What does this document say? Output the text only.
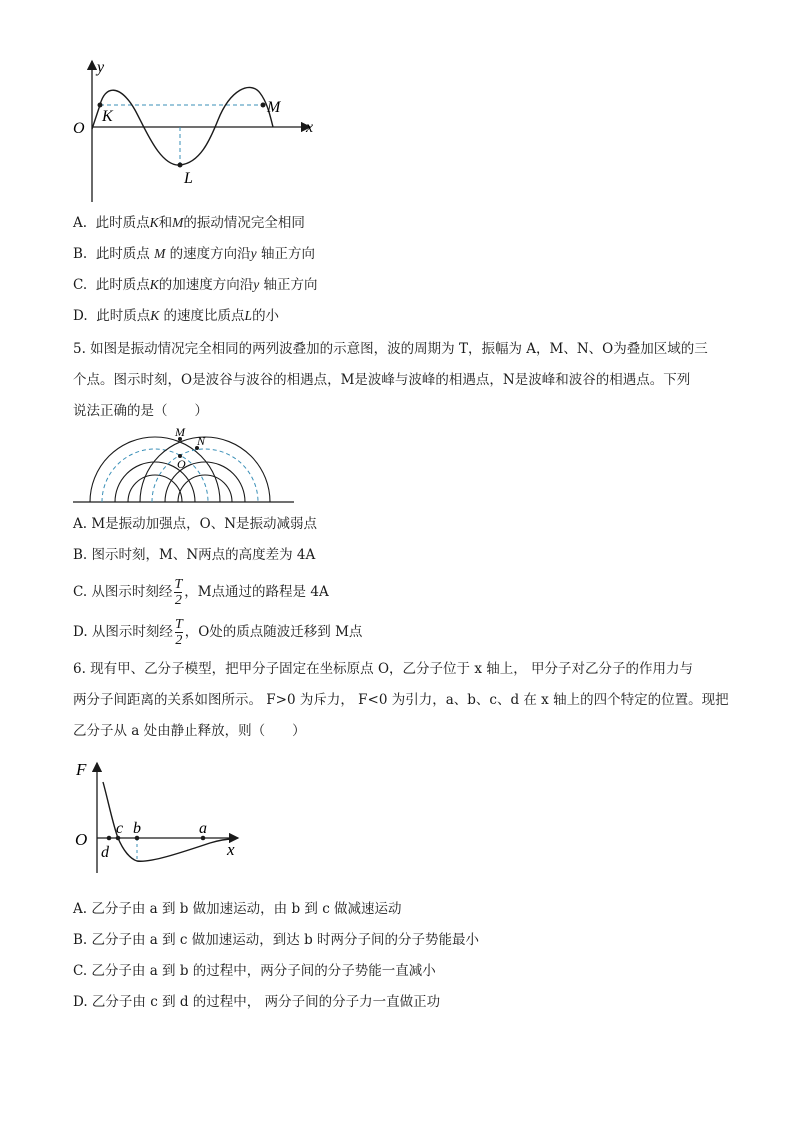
y
x
O
K
M
L
A. 此时质点K和M的振动情况完全相同
B. 此时质点 M 的速度方向沿y 轴正方向
C. 此时质点K的加速度方向沿y 轴正方向
D. 此时质点K 的速度比质点L的小
5. 如图是振动情况完全相同的两列波叠加的示意图，波的周期为 T，振幅为 A，M、N、O为叠加区域的三
个点。图示时刻，O是波谷与波谷的相遇点，M是波峰与波峰的相遇点，N是波峰和波谷的相遇点。下列
说法正确的是（　　）
M
N
O
A. M是振动加强点，O、N是振动减弱点
B. 图示时刻，M、N两点的高度差为 4A
C. 从图示时刻经 $\frac{T}{2}$ ，M点通过的路程是 4A
D. 从图示时刻经 $\frac{T}{2}$ ，O处的质点随波迁移到 M点
6. 现有甲、乙分子模型，把甲分子固定在坐标原点 O，乙分子位于 x 轴上， 甲分子对乙分子的作用力与
两分子间距离的关系如图所示。 F>0 为斥力， F<0 为引力，a、b、c、d 在 x 轴上的四个特定的位置。现把
乙分子从 a 处由静止释放，则（　　）
F
O
x
a
b
c
d
A. 乙分子由 a 到 b 做加速运动，由 b 到 c 做减速运动
B. 乙分子由 a 到 c 做加速运动，到达 b 时两分子间的分子势能最小
C. 乙分子由 a 到 b 的过程中，两分子间的分子势能一直减小
D. 乙分子由 c 到 d 的过程中， 两分子间的分子力一直做正功
